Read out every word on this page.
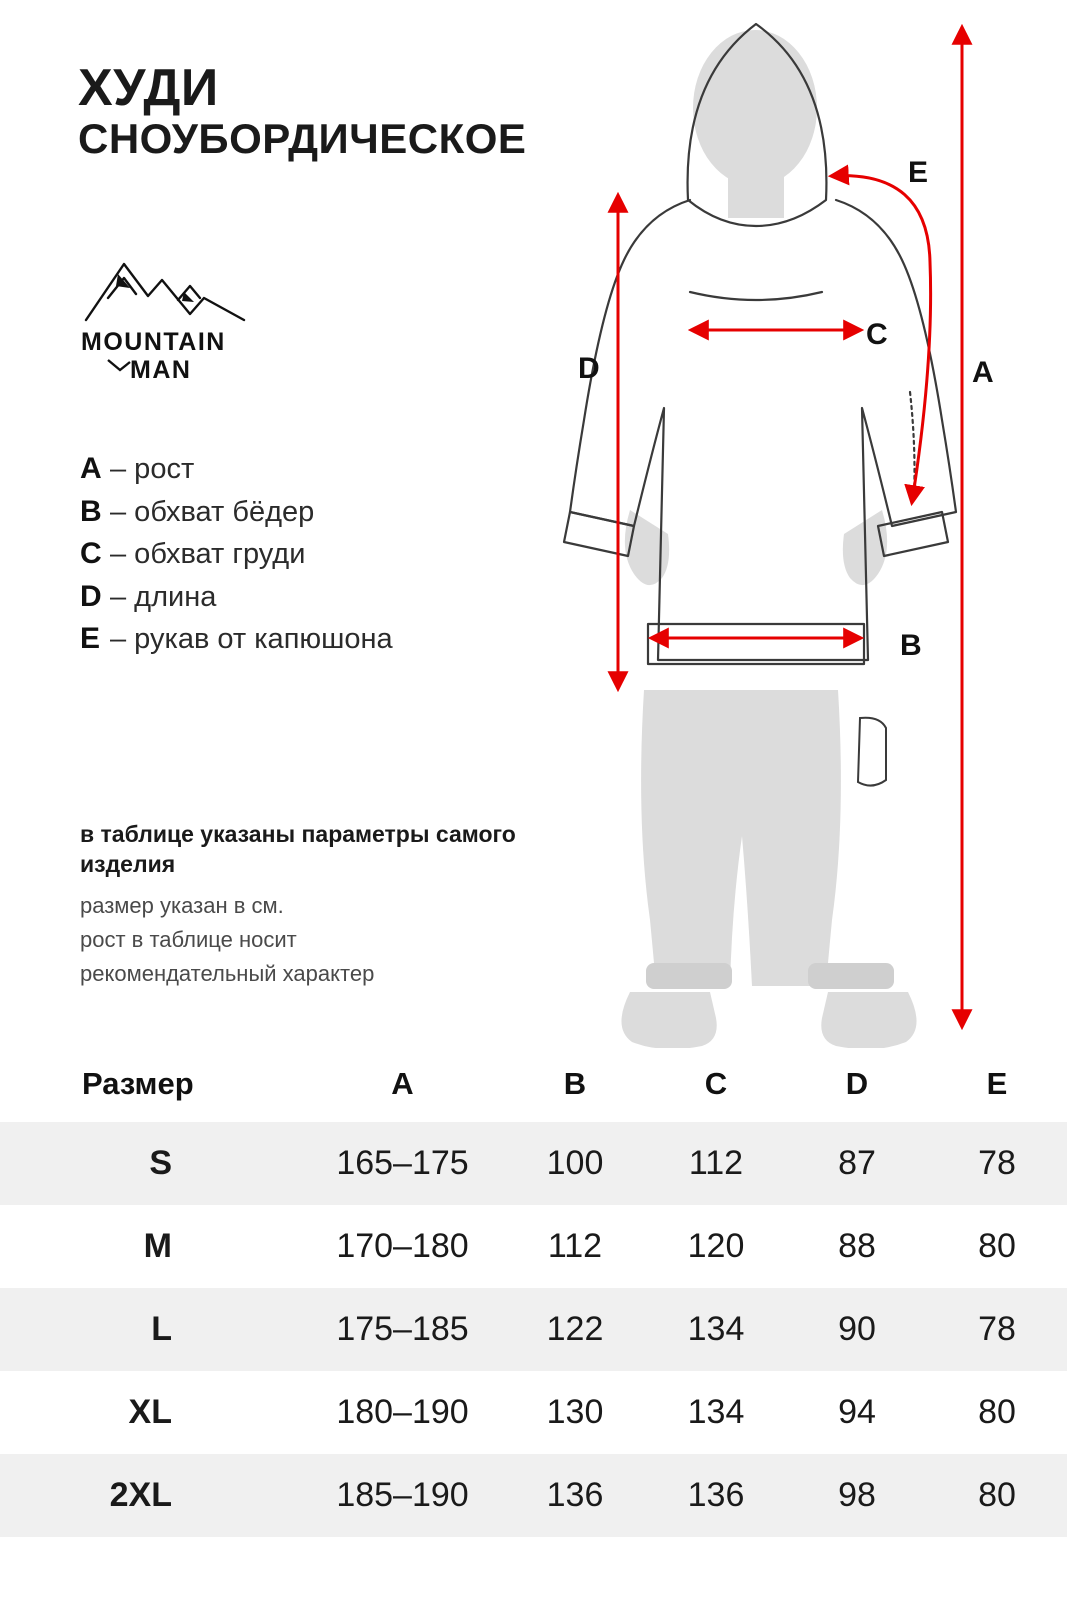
ХУДИ

СНОУБОРДИЧЕСКОЕ

MOUNTAIN
MAN
A – рост
B – обхват бёдер
C – обхват груди
D – длина
E – рукав от капюшона
в таблице указаны параметры самого изделия
размер указан в см.
рост в таблице носит
рекомендательный характер
A
B
C
D
E
Размер	A	B	C	D	E
S	165–175	100	112	87	78
M	170–180	112	120	88	80
L	175–185	122	134	90	78
XL	180–190	130	134	94	80
2XL	185–190	136	136	98	80
